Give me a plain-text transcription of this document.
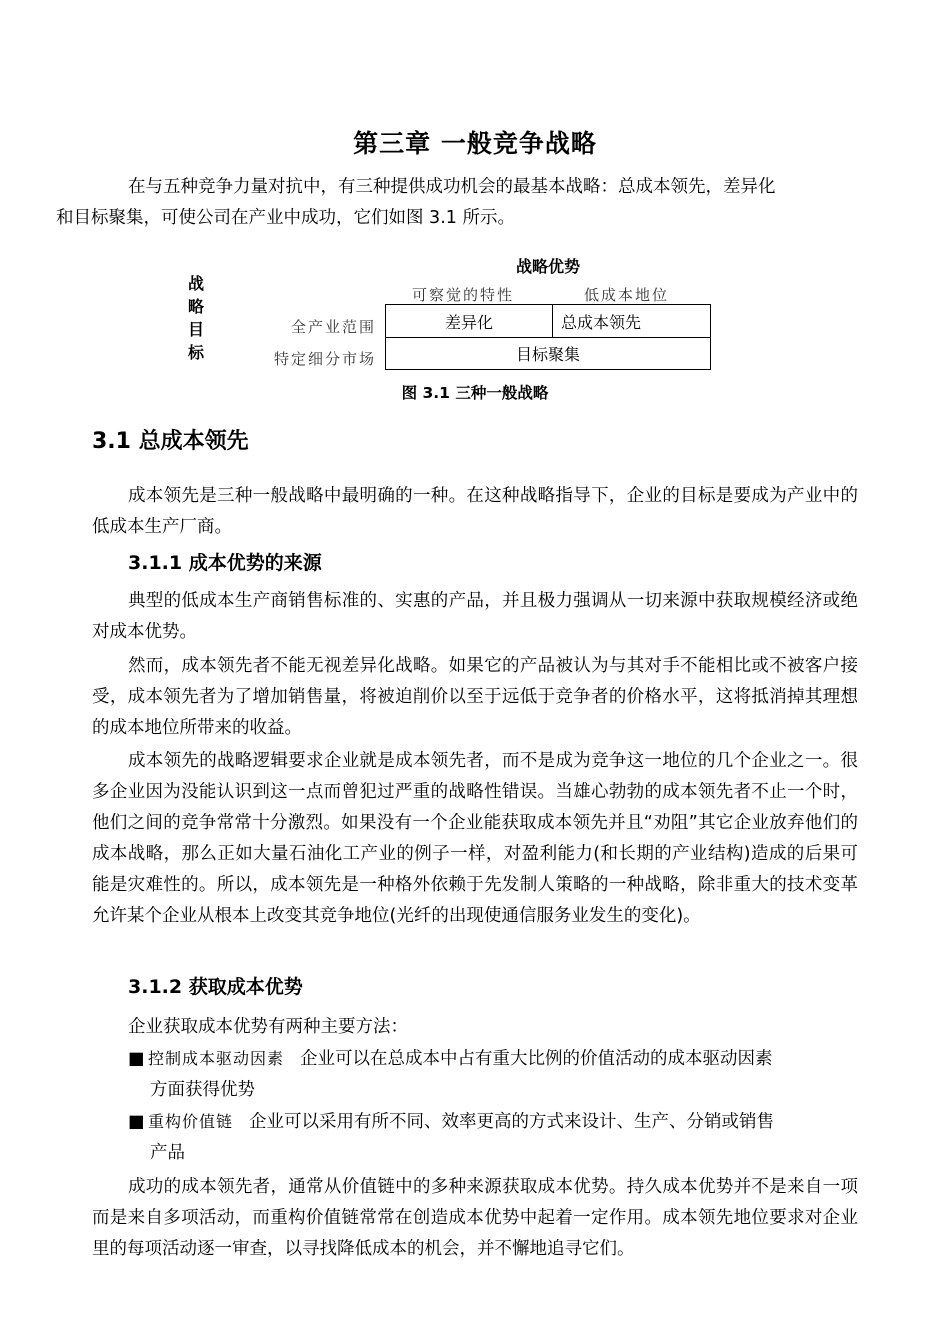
第三章 一般竞争战略

在与五种竞争力量对抗中，有三种提供成功机会的最基本战略：总成本领先，差异化
和目标聚集，可使公司在产业中成功，它们如图 3.1 所示。

战略优势
战
略
目
标
可察觉的特性	低成本地位
全产业范围
特定细分市场
差异化	总成本领先
目标聚集
图 3.1 三种一般战略
3.1 总成本领先

成本领先是三种一般战略中最明确的一种。在这种战略指导下，企业的目标是要成为产业中的低成本生产厂商。

3.1.1 成本优势的来源

典型的低成本生产商销售标准的、实惠的产品，并且极力强调从一切来源中获取规模经济或绝对成本优势。

然而，成本领先者不能无视差异化战略。如果它的产品被认为与其对手不能相比或不被客户接受，成本领先者为了增加销售量，将被迫削价以至于远低于竞争者的价格水平，这将抵消掉其理想的成本地位所带来的收益。

成本领先的战略逻辑要求企业就是成本领先者，而不是成为竞争这一地位的几个企业之一。很多企业因为没能认识到这一点而曾犯过严重的战略性错误。当雄心勃勃的成本领先者不止一个时，他们之间的竞争常常十分激烈。如果没有一个企业能获取成本领先并且“劝阻”其它企业放弃他们的成本战略，那么正如大量石油化工产业的例子一样，对盈利能力(和长期的产业结构)造成的后果可能是灾难性的。所以，成本领先是一种格外依赖于先发制人策略的一种战略，除非重大的技术变革允许某个企业从根本上改变其竞争地位(光纤的出现使通信服务业发生的变化)。

3.1.2 获取成本优势

企业获取成本优势有两种主要方法：

■ 控制成本驱动因素 企业可以在总成本中占有重大比例的价值活动的成本驱动因素
方面获得优势
■ 重构价值链 企业可以采用有所不同、效率更高的方式来设计、生产、分销或销售
产品

成功的成本领先者，通常从价值链中的多种来源获取成本优势。持久成本优势并不是来自一项而是来自多项活动，而重构价值链常常在创造成本优势中起着一定作用。成本领先地位要求对企业里的每项活动逐一审查，以寻找降低成本的机会，并不懈地追寻它们。
